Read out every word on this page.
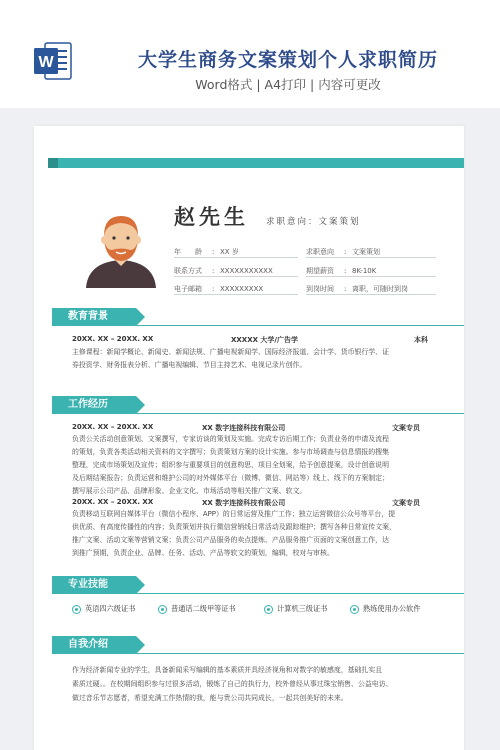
W	大学生商务文案策划个人求职简历
Word格式 | A4打印 | 内容可更改
赵先生 求职意向：文案策划
年　　龄 : XX 岁	求职意向 : 文案策划
联系方式 : XXXXXXXXXXX	期望薪资 : 8K-10K
电子邮箱 : XXXXXXXXX	到岗时间 : 离职，可随时到岗
教育背景
20XX. XX – 20XX. XX	XXXXX 大学/广告学	本科
主修课程：新闻学概论、新闻史、新闻法规、广播电视新闻学、国际经济报道、会计学、货币银行学、证
券投资学、财务报表分析、广播电视编辑、节目主持艺术、电视记录片创作。
工作经历
20XX. XX – 20XX. XX	XX 数字连接科技有限公司	文案专员
负责公关活动创意策划、文案撰写，专家访谈的策划及实施。完成专访后期工作；负责业务的申请及流程
的策划，负责各类活动相关资料的文字撰写；负责策划方案的设计实施。参与市场调查与信息情报的搜集
整理，完成市场策划及宣传；组织参与重要项目的创意构思，项目全划案，给予创意提案，设计创意说明
及后期结案报告；负责运营和维护公司的对外媒体平台（微博、微信、网站等）线上、线下的方案制定；
撰写展示公司产品、品牌形象、企业文化、市场活动等相关推广文案、软文。
20XX. XX – 20XX. XX	XX 数字连接科技有限公司	文案专员
负责移动互联网自媒体平台（微信小程序、APP）的日常运营及推广工作；独立运营微信公众号等平台，提
供优质、有高度传播性的内容；负责策划并执行微信营销线日常活动及跟踪维护；撰写各种日常宣传文案，
推广文案、活动文案等营销文案；负责公司产品服务的卖点提炼、产品服务推广页面的文案创意工作，达
到推广预期，负责企业、品牌、任务、活动、产品等软文的策划，编辑，校对与审核。
专业技能
英语四六级证书	普通话二级甲等证书	计算机三级证书	熟练使用办公软件
自我介绍
作为经济新闻专业的学生，具备新闻采写编辑的基本素质并具经济视角和对数字的敏感度，基础扎实且
素质过硬。。在校期间组织参与过很多活动，锻炼了自己的执行力，校外曾经从事过珠宝销售、公益电访、
做过音乐节志愿者，希望充满工作热情的我，能与贵公司共同成长，一起共创美好的未来。
